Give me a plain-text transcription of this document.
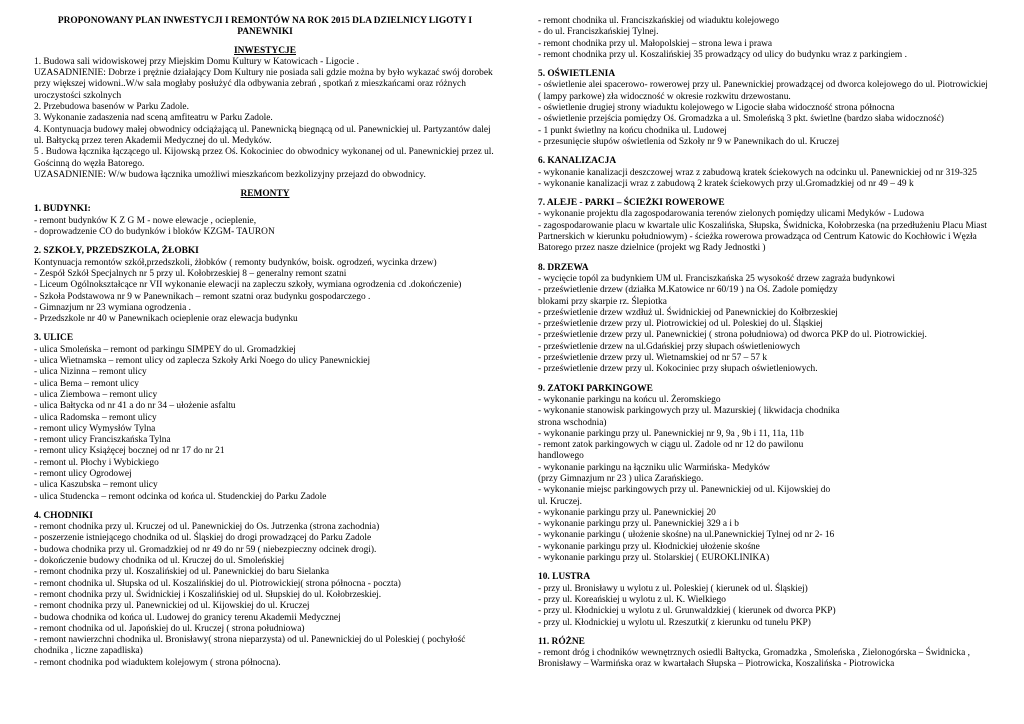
PROPONOWANY PLAN INWESTYCJI I REMONTÓW NA ROK 2015 DLA DZIELNICY LIGOTY I PANEWNIKI

INWESTYCJE

1. Budowa sali widowiskowej przy Miejskim Domu Kultury w Katowicach - Ligocie .

UZASADNIENIE: Dobrze i prężnie działający Dom Kultury nie posiada sali gdzie można by było wykazać swój dorobek przy większej widowni..W/w sala mogłaby posłużyć dla odbywania zebrań , spotkań z mieszkańcami oraz różnych uroczystości szkolnych

2. Przebudowa basenów w Parku Zadole.

3. Wykonanie zadaszenia nad sceną amfiteatru w Parku Zadole.

4. Kontynuacja budowy małej obwodnicy odciążającą ul. Panewnicką biegnącą od ul. Panewnickiej ul. Partyzantów dalej ul. Bałtycką przez teren Akademii Medycznej do ul. Medyków.

5 . Budowa łącznika łączącego ul. Kijowską przez Oś. Kokociniec do obwodnicy wykonanej od ul. Panewnickiej przez ul. Gościnną do węzła Batorego.

UZASADNIENIE: W/w budowa łącznika umożliwi mieszkańcom bezkolizyjny przejazd do obwodnicy.

REMONTY

1. BUDYNKI:

- remont budynków K Z G M - nowe elewacje , ocieplenie,

- doprowadzenie CO do budynków i bloków KZGM- TAURON

2. SZKOŁY, PRZEDSZKOLA, ŻŁOBKI

Kontynuacja remontów szkół,przedszkoli, żłobków ( remonty budynków, boisk. ogrodzeń, wycinka drzew)

- Zespół Szkół Specjalnych nr 5 przy ul. Kołobrzeskiej 8 – generalny remont szatni

- Liceum Ogólnokształcące nr VII wykonanie elewacji na zapleczu szkoły, wymiana ogrodzenia cd .dokończenie)

- Szkoła Podstawowa nr 9 w Panewnikach – remont szatni oraz budynku gospodarczego .

- Gimnazjum nr 23 wymiana ogrodzenia .

- Przedszkole nr 40 w Panewnikach ocieplenie oraz elewacja budynku

3. ULICE

- ulica Smoleńska – remont od parkingu SIMPEY do ul. Gromadzkiej

- ulica Wietnamska – remont ulicy od zaplecza Szkoły Arki Noego do ulicy Panewnickiej

- ulica Nizinna – remont ulicy

- ulica Bema – remont ulicy

- ulica Ziembowa – remont ulicy

- ulica Bałtycka od nr 41 a do nr 34 – ułożenie asfaltu

- ulica Radomska – remont ulicy

- remont ulicy Wymysłów Tylna

- remont ulicy Franciszkańska Tylna

- remont ulicy Książęcej bocznej od nr 17 do nr 21

- remont ul. Płochy i Wybickiego

- remont ulicy Ogrodowej

- ulica Kaszubska – remont ulicy

- ulica Studencka – remont odcinka od końca ul. Studenckiej do Parku Zadole

4. CHODNIKI

- remont chodnika przy ul. Kruczej od ul. Panewnickiej do Os. Jutrzenka (strona zachodnia)

- poszerzenie istniejącego chodnika od ul. Śląskiej do drogi prowadzącej do Parku Zadole

- budowa chodnika przy ul. Gromadzkiej od nr 49 do nr 59 ( niebezpieczny odcinek drogi).

- dokończenie budowy chodnika od ul. Kruczej do ul. Smoleńskiej

- remont chodnika przy ul. Koszalińskiej od ul. Panewnickiej do baru Sielanka

- remont chodnika ul. Słupska od ul. Koszalińskiej do ul. Piotrowickiej( strona północna - poczta)

- remont chodnika przy ul. Świdnickiej i Koszalińskiej od ul. Słupskiej do ul. Kołobrzeskiej.

- remont chodnika przy ul. Panewnickiej od ul. Kijowskiej do ul. Kruczej

- budowa chodnika od końca ul. Ludowej do granicy terenu Akademii Medycznej

- remont chodnika od ul. Japońskiej do ul. Kruczej ( strona południowa)

- remont nawierzchni chodnika ul. Bronisławy( strona nieparzysta) od ul. Panewnickiej do ul Poleskiej ( pochyłość chodnika , liczne zapadliska)

- remont chodnika pod wiaduktem kolejowym ( strona północna).

- remont chodnika ul. Franciszkańskiej od wiaduktu kolejowego

- do ul. Franciszkańskiej Tylnej.

- remont chodnika przy ul. Małopolskiej – strona lewa i prawa

- remont chodnika przy ul. Koszalińskiej 35 prowadzący od ulicy do budynku wraz z parkingiem .

5. OŚWIETLENIA

- oświetlenie alei spacerowo- rowerowej przy ul. Panewnickiej prowadzącej od dworca kolejowego do ul. Piotrowickiej ( lampy parkowe) zła widoczność w okresie rozkwitu drzewostanu.

- oświetlenie drugiej strony wiaduktu kolejowego w Ligocie słaba widoczność strona północna

- oświetlenie przejścia pomiędzy Oś. Gromadzka a ul. Smoleńską 3 pkt. świetlne (bardzo słaba widoczność)

- 1 punkt świetlny na końcu chodnika ul. Ludowej

- przesunięcie słupów oświetlenia od Szkoły nr 9 w Panewnikach do ul. Kruczej

6. KANALIZACJA

- wykonanie kanalizacji deszczowej wraz z zabudową kratek ściekowych na odcinku ul. Panewnickiej od nr 319-325

- wykonanie kanalizacji wraz z zabudową 2 kratek ściekowych przy ul.Gromadzkiej od nr 49 – 49 k

7. ALEJE - PARKI – ŚCIEŻKI ROWEROWE

- wykonanie projektu dla zagospodarowania terenów zielonych pomiędzy ulicami Medyków - Ludowa

- zagospodarowanie placu w kwartale ulic Koszalińska, Słupska, Świdnicka, Kołobrzeska (na przedłużeniu Placu Miast Partnerskich w kierunku południowym) - ścieżka rowerowa prowadząca od Centrum Katowic do Kochłowic i Węzła Batorego przez nasze dzielnice (projekt wg Rady Jednostki )

8. DRZEWA

- wycięcie topól za budynkiem UM ul. Franciszkańska 25 wysokość drzew zagraża budynkowi

- prześwietlenie drzew (działka M.Katowice nr 60/19 ) na Oś. Zadole pomiędzy

blokami przy skarpie rz. Ślepiotka

- prześwietlenie drzew wzdłuż ul. Świdnickiej od Panewnickiej do Kołbrzeskiej

- prześwietlenie drzew przy ul. Piotrowickiej od ul. Poleskiej do ul. Śląskiej

- prześwietlenie drzew przy ul. Panewnickiej ( strona południowa) od dworca PKP do ul. Piotrowickiej.

- prześwietlenie drzew na ul.Gdańskiej przy słupach oświetleniowych

- prześwietlenie drzew przy ul. Wietnamskiej od nr 57 – 57 k

- prześwietlenie drzew przy ul. Kokociniec przy słupach oświetleniowych.

9. ZATOKI PARKINGOWE

- wykonanie parkingu na końcu ul. Żeromskiego

- wykonanie stanowisk parkingowych przy ul. Mazurskiej ( likwidacja chodnika

strona wschodnia)

- wykonanie parkingu przy ul. Panewnickiej nr 9, 9a , 9b i 11, 11a, 11b

- remont zatok parkingowych w ciągu ul. Zadole od nr 12 do pawilonu

handlowego

- wykonanie parkingu na łączniku ulic Warmińska- Medyków

(przy Gimnazjum nr 23 ) ulica Zarańskiego.

- wykonanie miejsc parkingowych przy ul. Panewnickiej od ul. Kijowskiej do

ul. Kruczej.

- wykonanie parkingu przy ul. Panewnickiej 20

- wykonanie parkingu przy ul. Panewnickiej 329 a i b

- wykonanie parkingu ( ułożenie skośne) na ul.Panewnickiej Tylnej od nr 2- 16

- wykonanie parkingu przy ul. Kłodnickiej ułożenie skośne

- wykonanie parkingu przy ul. Stolarskiej ( EUROKLINIKA)

10. LUSTRA

- przy ul. Bronisławy u wylotu z ul. Poleskiej ( kierunek od ul. Śląskiej)

- przy ul. Koreańskiej u wylotu z ul. K. Wielkiego

- przy ul. Kłodnickiej u wylotu z ul. Grunwaldzkiej ( kierunek od dworca PKP)

- przy ul. Kłodnickiej u wylotu ul. Rzeszutki( z kierunku od tunelu PKP)

11. RÓŻNE

- remont dróg i chodników wewnętrznych osiedli Bałtycka, Gromadzka , Smoleńska , Zielonogórska – Świdnicka , Bronisławy – Warmińska oraz w kwartałach Słupska – Piotrowicka, Koszalińska - Piotrowicka
